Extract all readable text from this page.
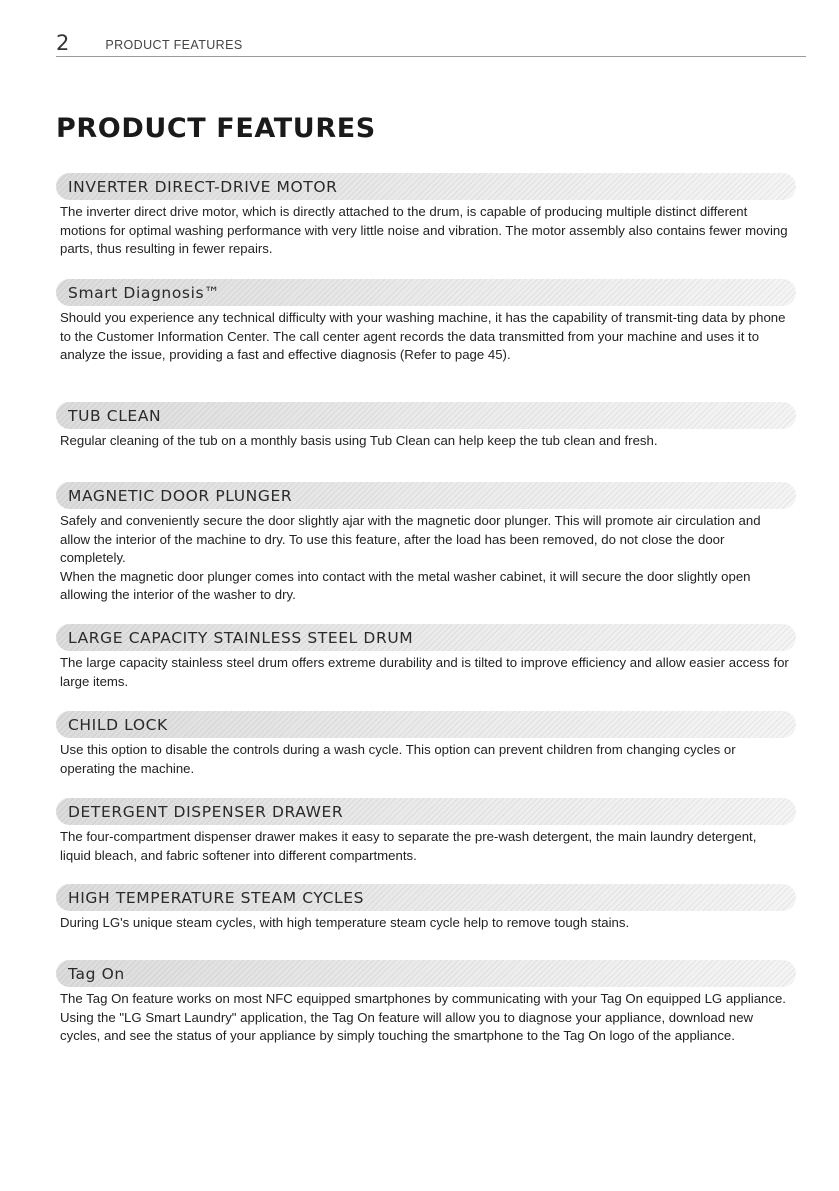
2	PRODUCT FEATURES
PRODUCT FEATURES
INVERTER DIRECT-DRIVE MOTOR

The inverter direct drive motor, which is directly attached to the drum, is capable of producing multiple distinct different motions for optimal washing performance with very little noise and vibration. The motor assembly also contains fewer moving parts, thus resulting in fewer repairs.

Smart Diagnosis™

Should you experience any technical difficulty with your washing machine, it has the capability of transmit-ting data by phone to the Customer Information Center. The call center agent records the data transmitted from your machine and uses it to analyze the issue, providing a fast and effective diagnosis (Refer to page 45).

TUB CLEAN

Regular cleaning of the tub on a monthly basis using Tub Clean can help keep the tub clean and fresh.

MAGNETIC DOOR PLUNGER

Safely and conveniently secure the door slightly ajar with the magnetic door plunger. This will promote air circulation and allow the interior of the machine to dry. To use this feature, after the load has been removed, do not close the door completely.

When the magnetic door plunger comes into contact with the metal washer cabinet, it will secure the door slightly open allowing the interior of the washer to dry.

LARGE CAPACITY STAINLESS STEEL DRUM

The large capacity stainless steel drum offers extreme durability and is tilted to improve efficiency and allow easier access for large items.

CHILD LOCK

Use this option to disable the controls during a wash cycle. This option can prevent children from changing cycles or operating the machine.

DETERGENT DISPENSER DRAWER

The four-compartment dispenser drawer makes it easy to separate the pre-wash detergent, the main laundry detergent, liquid bleach, and fabric softener into different compartments.

HIGH TEMPERATURE STEAM CYCLES

During LG's unique steam cycles, with high temperature steam cycle help to remove tough stains.

Tag On

The Tag On feature works on most NFC equipped smartphones by communicating with your Tag On equipped LG appliance. Using the "LG Smart Laundry" application, the Tag On feature will allow you to diagnose your appliance, download new cycles, and see the status of your appliance by simply touching the smartphone to the Tag On logo of the appliance.
